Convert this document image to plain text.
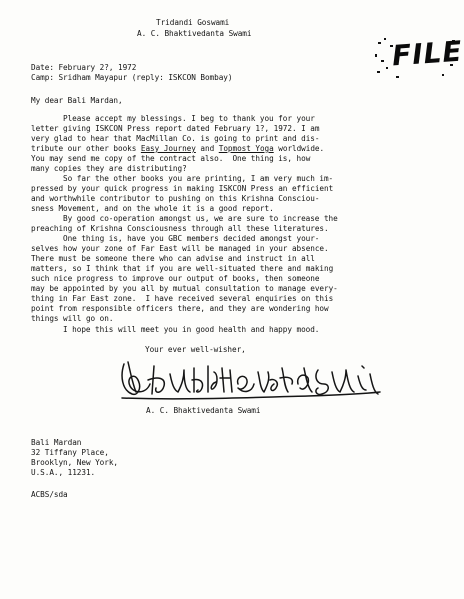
Tridandi Goswami
A. C. Bhaktivedanta Swami
FILE
Date: February 2?, 1972
Camp: Sridham Mayapur (reply: ISKCON Bombay)
My dear Bali Mardan,
Please accept my blessings. I beg to thank you for your
letter giving ISKCON Press report dated February 1?, 1972. I am
very glad to hear that MacMillan Co. is going to print and dis-
tribute our other books Easy Journey and Topmost Yoga worldwide.
You may send me copy of the contract also.  One thing is, how
many copies they are distributing?
So far the other books you are printing, I am very much im-
pressed by your quick progress in making ISKCON Press an efficient
and worthwhile contributor to pushing on this Krishna Consciou-
sness Movement, and on the whole it is a good report.
By good co-operation amongst us, we are sure to increase the
preaching of Krishna Consciousness through all these literatures.
One thing is, have you GBC members decided amongst your-
selves how your zone of Far East will be managed in your absence.
There must be someone there who can advise and instruct in all
matters, so I think that if you are well-situated there and making
such nice progress to improve our output of books, then someone
may be appointed by you all by mutual consultation to manage every-
thing in Far East zone.  I have received several enquiries on this
point from responsible officers there, and they are wondering how
things will go on.
I hope this will meet you in good health and happy mood.
Your ever well-wisher,
A. C. Bhaktivedanta Swami
Bali Mardan
32 Tiffany Place,
Brooklyn, New York,
U.S.A., 11231.
ACBS/sda
